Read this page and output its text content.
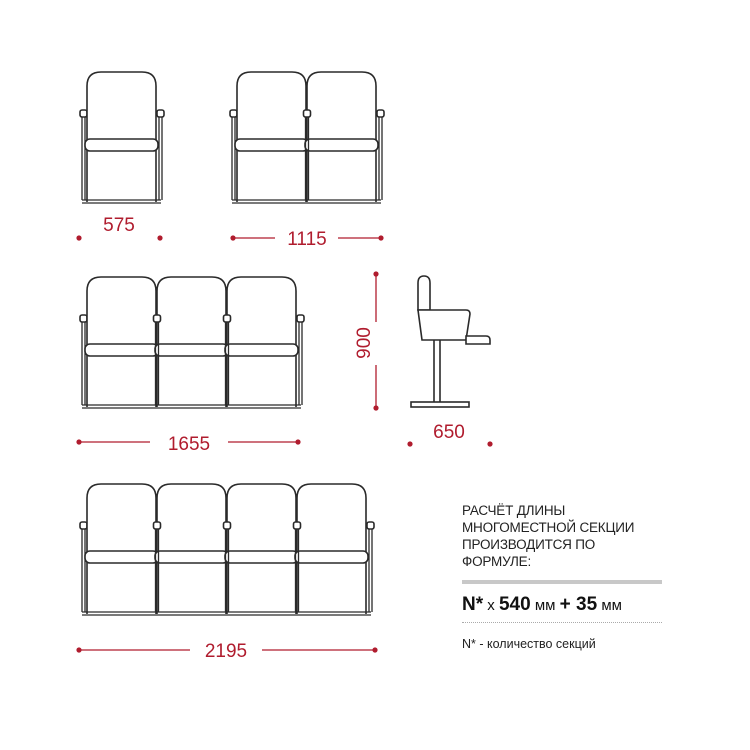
575
1115
1655
2195
900
650

РАСЧЁТ ДЛИНЫ

МНОГОМЕСТНОЙ СЕКЦИИ

ПРОИЗВОДИТСЯ ПО ФОРМУЛЕ:

N* x 540 мм + 35 мм
N* - количество секций
